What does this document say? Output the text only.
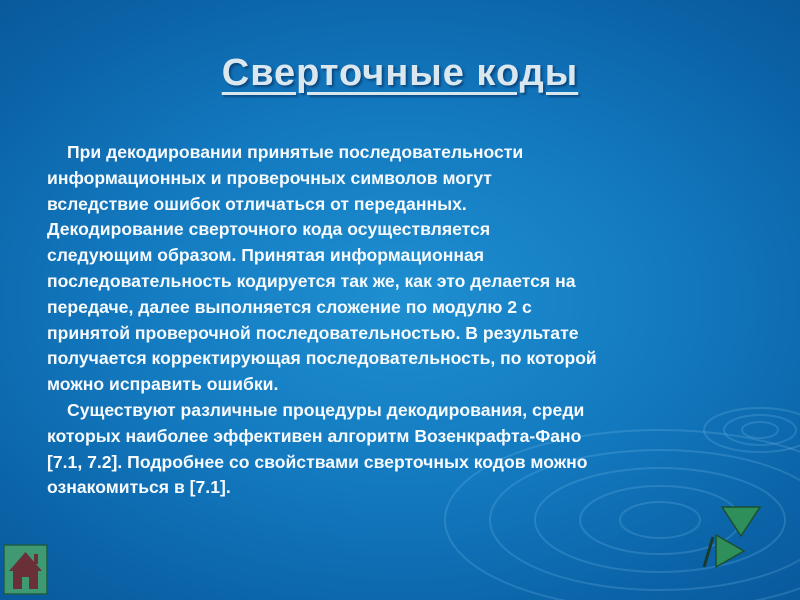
Сверточные коды

При декодировании принятые последовательности
информационных и проверочных символов могут
вследствие ошибок отличаться от переданных.
Декодирование сверточного кода осуществляется
следующим образом. Принятая информационная
последовательность кодируется так же, как это делается на
передаче, далее выполняется сложение по модулю 2 с
принятой проверочной последовательностью. В результате
получается корректирующая последовательность, по которой
можно исправить ошибки.

Существуют различные процедуры декодирования, среди
которых наиболее эффективен алгоритм Возенкрафта-Фано
[7.1, 7.2]. Подробнее со свойствами сверточных кодов можно
ознакомиться в [7.1].
